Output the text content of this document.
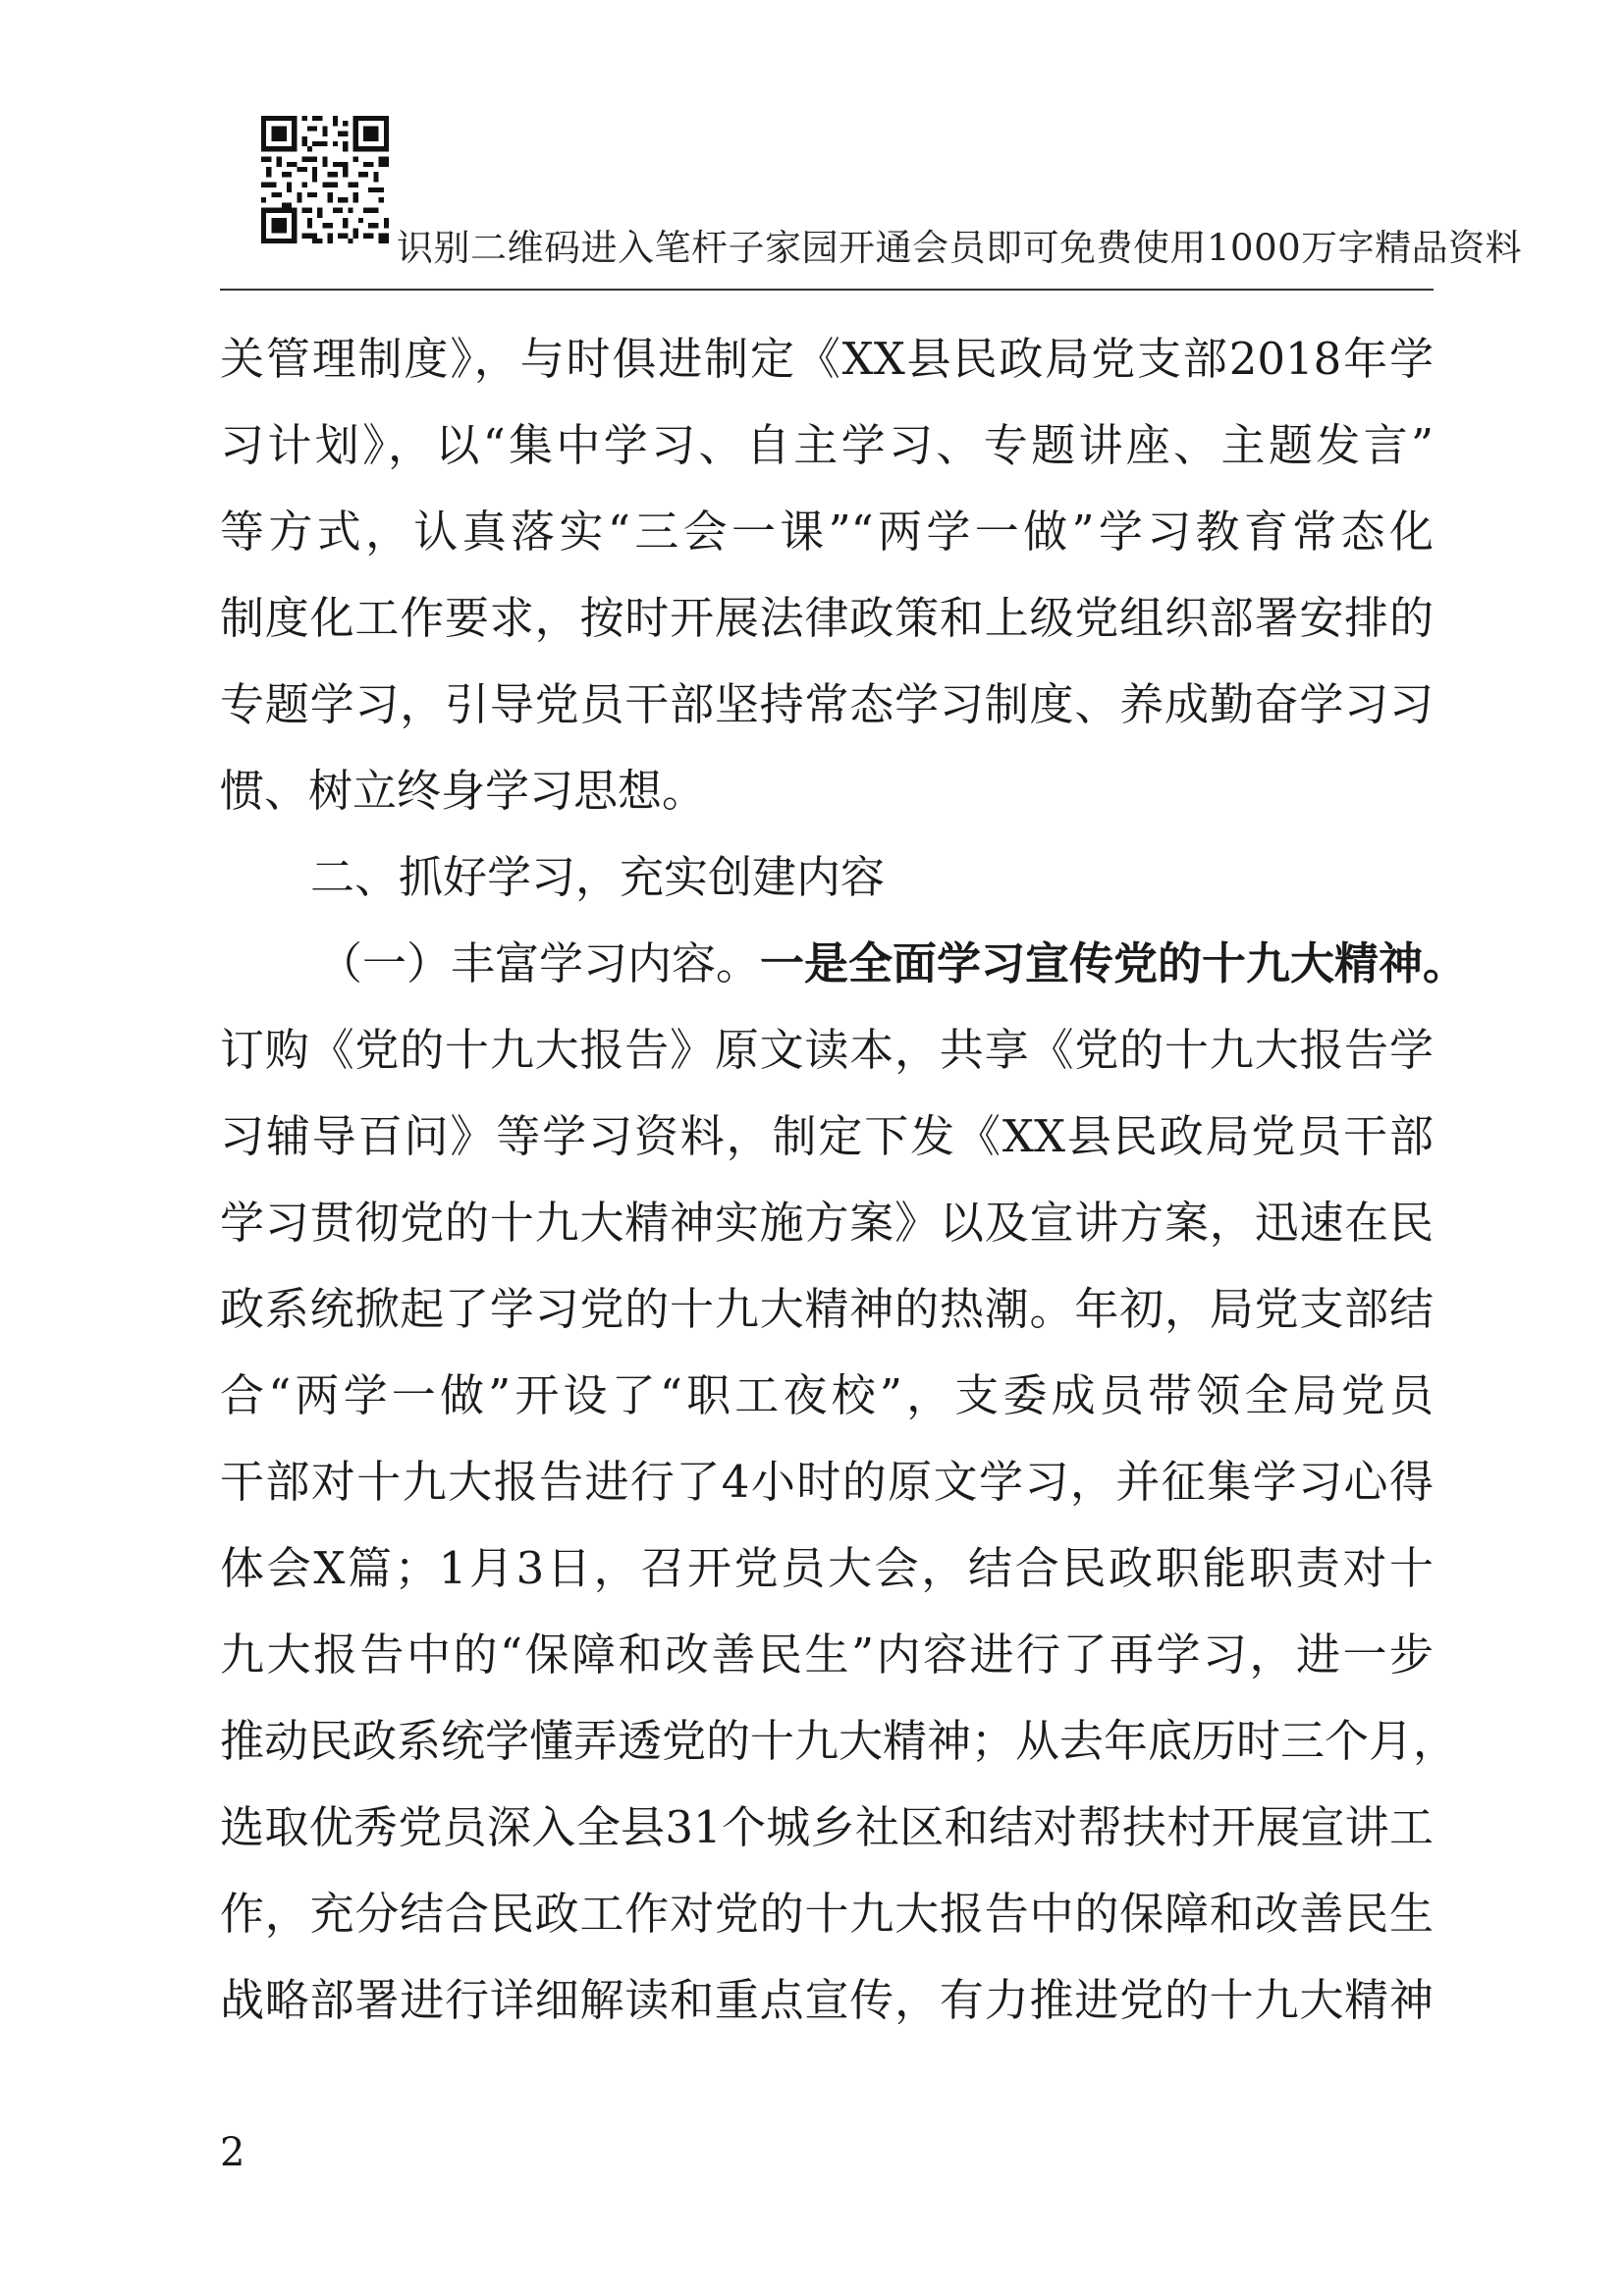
识别二维码进入笔杆子家园开通会员即可免费使用1000万字精品资料
关管理制度》，与时俱进制定《XX县民政局党支部2018年学
习计划》，以“集中学习、自主学习、专题讲座、主题发言”
等方式，认真落实“三会一课”“两学一做”学习教育常态化
制度化工作要求，按时开展法律政策和上级党组织部署安排的
专题学习，引导党员干部坚持常态学习制度、养成勤奋学习习
惯、树立终身学习思想。
二、抓好学习，充实创建内容
（一）丰富学习内容。一是全面学习宣传党的十九大精神。
订购《党的十九大报告》原文读本，共享《党的十九大报告学
习辅导百问》等学习资料，制定下发《XX县民政局党员干部
学习贯彻党的十九大精神实施方案》以及宣讲方案，迅速在民
政系统掀起了学习党的十九大精神的热潮。年初，局党支部结
合“两学一做”开设了“职工夜校”，支委成员带领全局党员
干部对十九大报告进行了4小时的原文学习，并征集学习心得
体会X篇；1月3日，召开党员大会，结合民政职能职责对十
九大报告中的“保障和改善民生”内容进行了再学习，进一步
推动民政系统学懂弄透党的十九大精神；从去年底历时三个月，
选取优秀党员深入全县31个城乡社区和结对帮扶村开展宣讲工
作，充分结合民政工作对党的十九大报告中的保障和改善民生
战略部署进行详细解读和重点宣传，有力推进党的十九大精神
2
